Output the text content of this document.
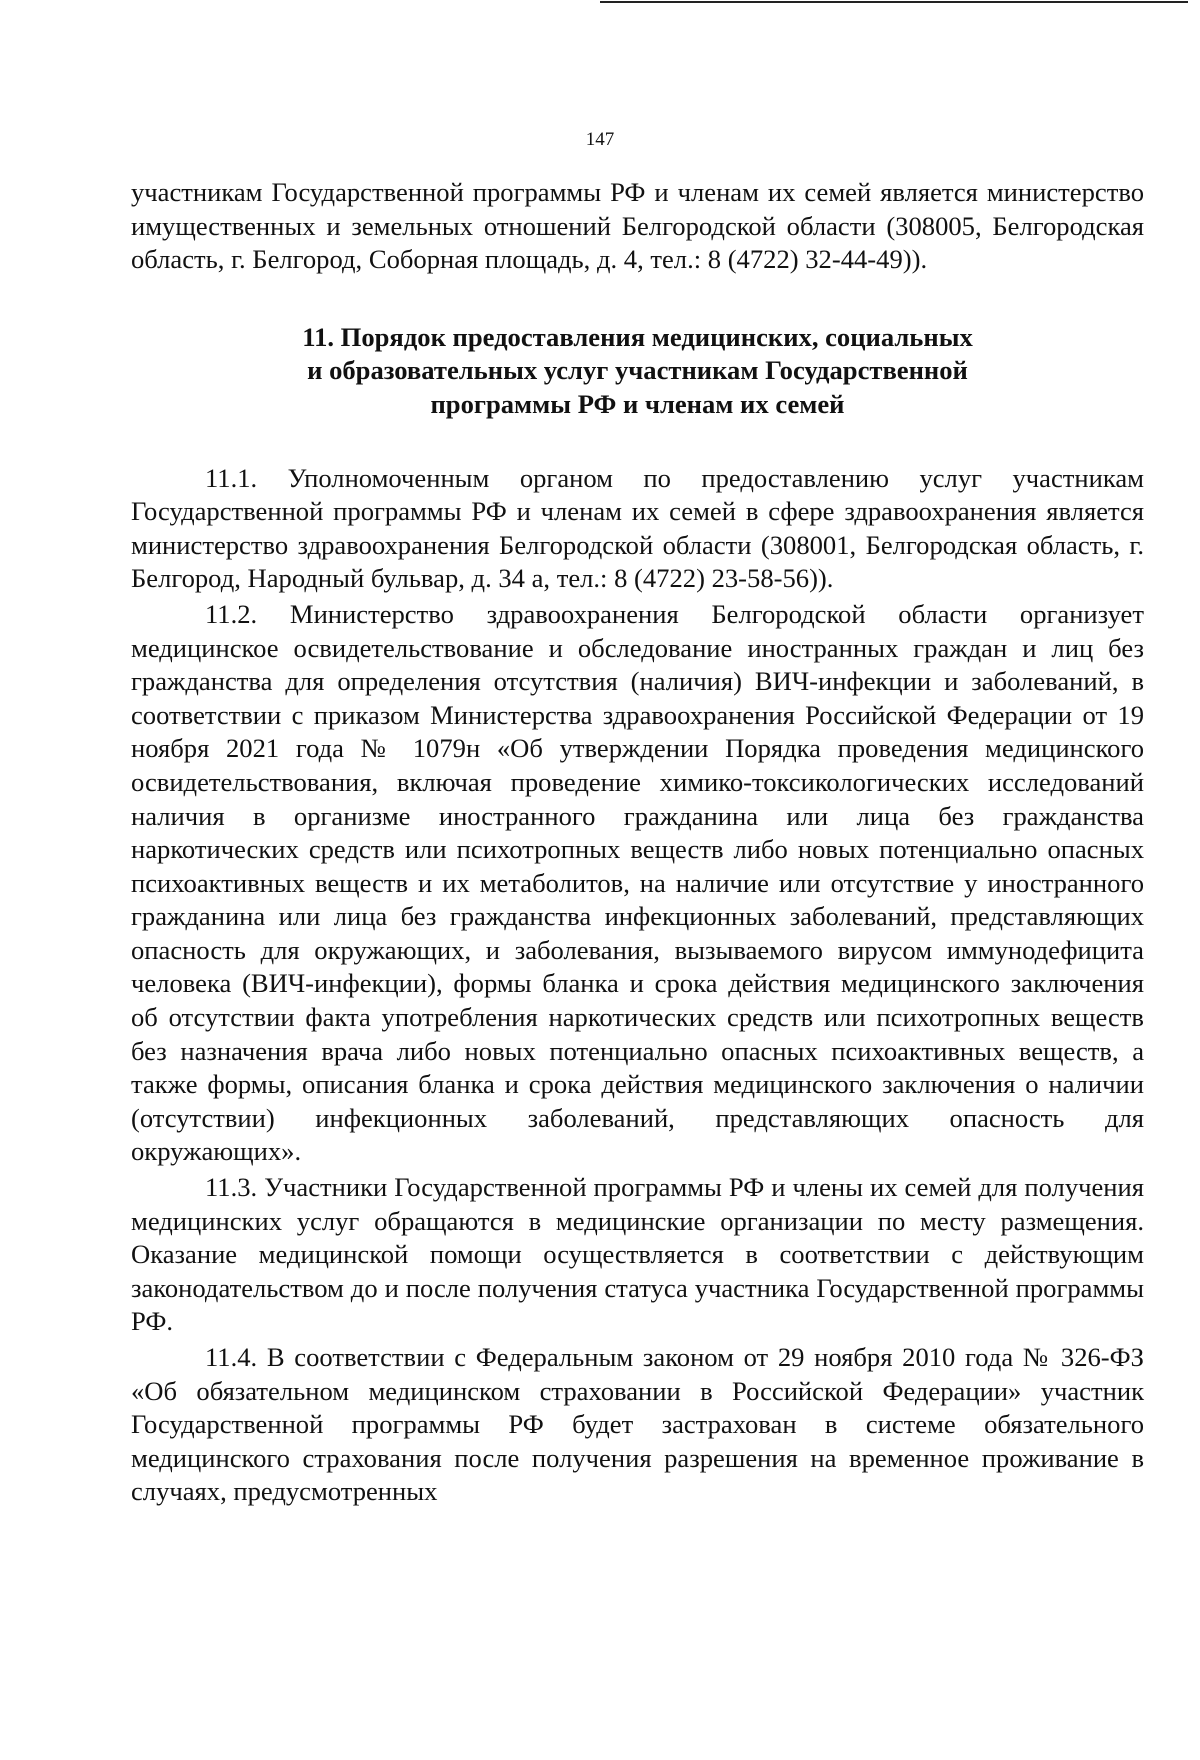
147

участникам Государственной программы РФ и членам их семей является министерство имущественных и земельных отношений Белгородской области (308005, Белгородская область, г. Белгород, Соборная площадь, д. 4, тел.: 8 (4722) 32-44-49)).

11. Порядок предоставления медицинских, социальных
и образовательных услуг участникам Государственной
программы РФ и членам их семей

11.1. Уполномоченным органом по предоставлению услуг участникам Государственной программы РФ и членам их семей в сфере здравоохранения является министерство здравоохранения Белгородской области (308001, Белгородская область, г. Белгород, Народный бульвар, д. 34 а, тел.: 8 (4722) 23-58-56)).

11.2. Министерство здравоохранения Белгородской области организует медицинское освидетельствование и обследование иностранных граждан и лиц без гражданства для определения отсутствия (наличия) ВИЧ-инфекции и заболеваний, в соответствии с приказом Министерства здравоохранения Российской Федерации от 19 ноября 2021 года № 1079н «Об утверждении Порядка проведения медицинского освидетельствования, включая проведение химико-токсикологических исследований наличия в организме иностранного гражданина или лица без гражданства наркотических средств или психотропных веществ либо новых потенциально опасных психоактивных веществ и их метаболитов, на наличие или отсутствие у иностранного гражданина или лица без гражданства инфекционных заболеваний, представляющих опасность для окружающих, и заболевания, вызываемого вирусом иммунодефицита человека (ВИЧ-инфекции), формы бланка и срока действия медицинского заключения об отсутствии факта употребления наркотических средств или психотропных веществ без назначения врача либо новых потенциально опасных психоактивных веществ, а также формы, описания бланка и срока действия медицинского заключения о наличии (отсутствии) инфекционных заболеваний, представляющих опасность для окружающих».

11.3. Участники Государственной программы РФ и члены их семей для получения медицинских услуг обращаются в медицинские организации по месту размещения. Оказание медицинской помощи осуществляется в соответствии с действующим законодательством до и после получения статуса участника Государственной программы РФ.

11.4. В соответствии с Федеральным законом от 29 ноября 2010 года № 326-ФЗ «Об обязательном медицинском страховании в Российской Федерации» участник Государственной программы РФ будет застрахован в системе обязательного медицинского страхования после получения разрешения на временное проживание в случаях, предусмотренных
